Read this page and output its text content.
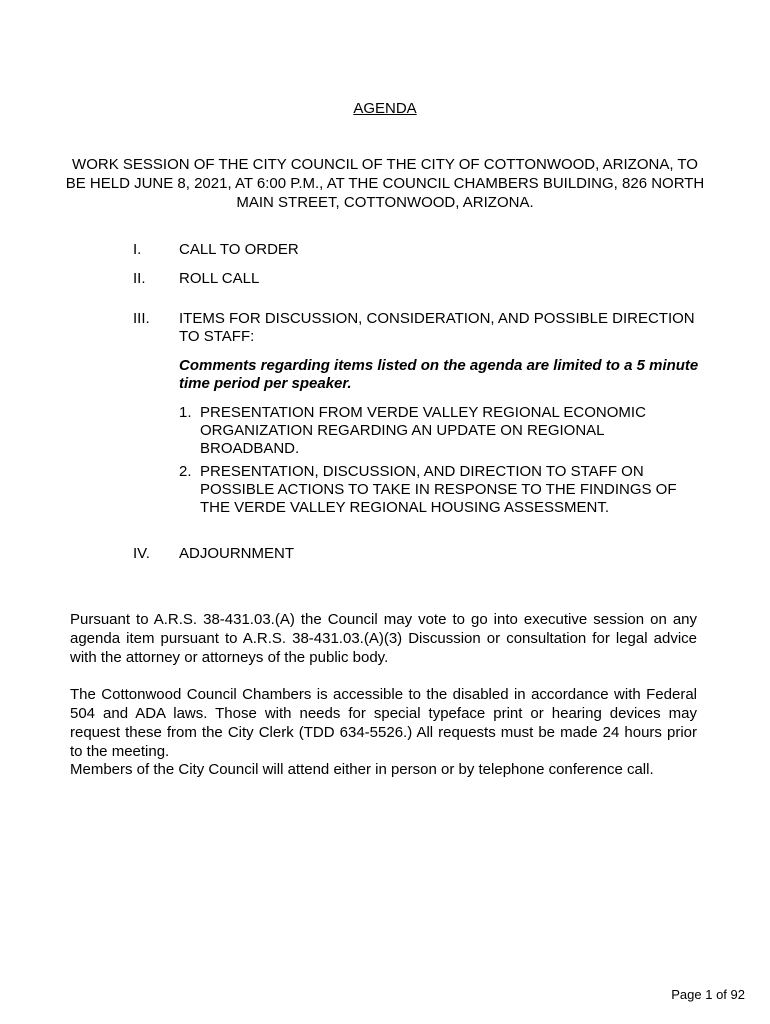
AGENDA
WORK SESSION OF THE CITY COUNCIL OF THE CITY OF COTTONWOOD, ARIZONA, TO BE HELD JUNE 8, 2021, AT 6:00 P.M., AT THE COUNCIL CHAMBERS BUILDING, 826 NORTH MAIN STREET, COTTONWOOD, ARIZONA.
I.	CALL TO ORDER
II. ROLL CALL
III. ITEMS FOR DISCUSSION, CONSIDERATION, AND POSSIBLE DIRECTION TO STAFF:
Comments regarding items listed on the agenda are limited to a 5 minute time period per speaker.
1. PRESENTATION FROM VERDE VALLEY REGIONAL ECONOMIC ORGANIZATION REGARDING AN UPDATE ON REGIONAL BROADBAND.
2. PRESENTATION, DISCUSSION, AND DIRECTION TO STAFF ON POSSIBLE ACTIONS TO TAKE IN RESPONSE TO THE FINDINGS OF THE VERDE VALLEY REGIONAL HOUSING ASSESSMENT.
IV. ADJOURNMENT
Pursuant to A.R.S. 38-431.03.(A) the Council may vote to go into executive session on any agenda item pursuant to A.R.S. 38-431.03.(A)(3) Discussion or consultation for legal advice with the attorney or attorneys of the public body.
The Cottonwood Council Chambers is accessible to the disabled in accordance with Federal 504 and ADA laws. Those with needs for special typeface print or hearing devices may request these from the City Clerk (TDD 634-5526.) All requests must be made 24 hours prior to the meeting.
Members of the City Council will attend either in person or by telephone conference call.
Page 1 of 92
